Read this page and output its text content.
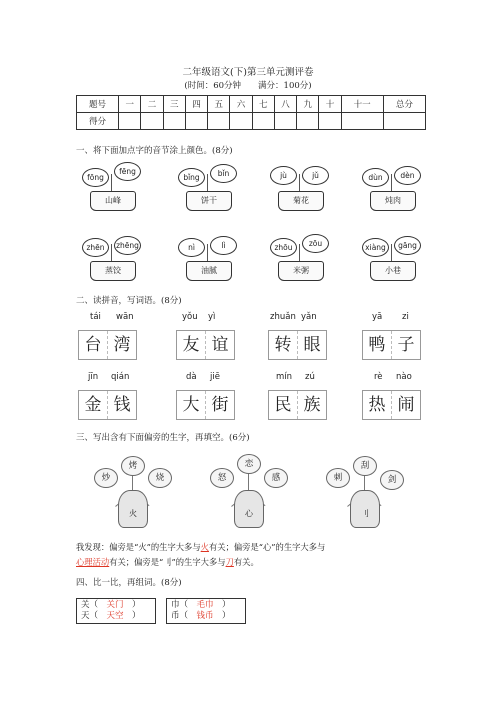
二年级语文(下)第三单元测评卷
(时间：60分钟　　满分：100分)
题号	一	二	三	四	五	六	七	八	九	十	十一	总分
得分												
一、将下面加点字的音节涂上颜色。(8分)
fōng
fēng
山峰
bǐng	bǐn
饼干
jù	jǔ
菊花
dùn	dèn
炖肉
zhēn	zhēng
蒸饺
nì	lì
油腻
zhōu	zōu
米粥
xiàng	gāng
小巷
二、读拼音，写词语。(8分)
tái wān
台 湾
yǒu yì
友 谊
zhuǎn yǎn
转 眼
yā zi
鸭 子
jīn qián
金 钱
dà jiē
大 街
mín zú
民 族
rè nào
热 闹
三、写出含有下面偏旁的生字，再填空。(6分)
烤
炒	烧
火
恋
怒	感
心
刮
刺	剑
刂
我发现：偏旁是“火”的生字大多与火有关；偏旁是“心”的生字大多与
心理活动有关；偏旁是“刂”的生字大多与刀有关。
四、比一比，再组词。(8分)
关（　关门　）
天（　天空　）
巾（　毛巾　）
币（　钱币　）
